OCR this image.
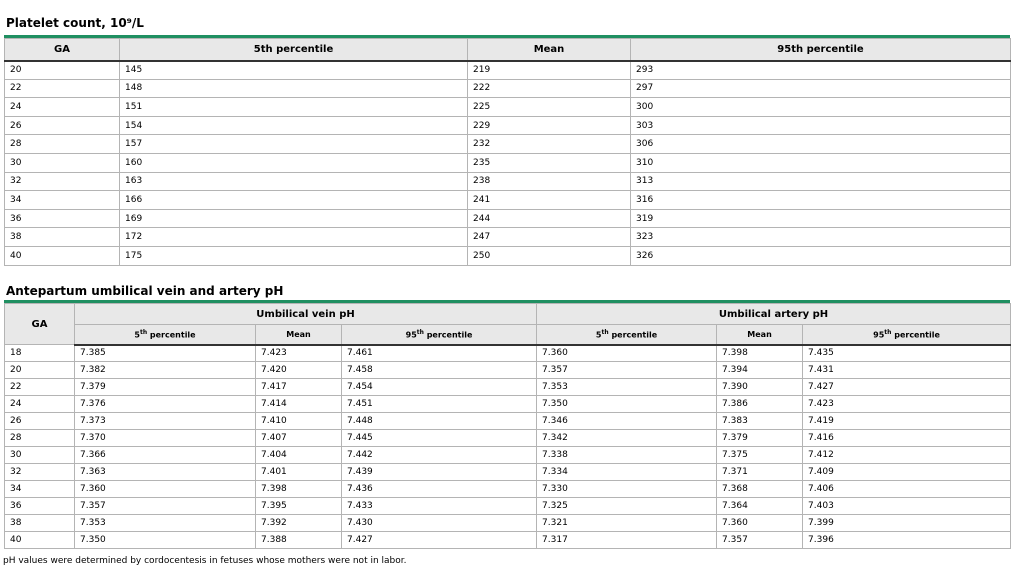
Platelet count, 10⁹/L
GA	5th percentile	Mean	95th percentile
20	145	219	293
22	148	222	297
24	151	225	300
26	154	229	303
28	157	232	306
30	160	235	310
32	163	238	313
34	166	241	316
36	169	244	319
38	172	247	323
40	175	250	326
Antepartum umbilical vein and artery pH
GA	Umbilical vein pH			Umbilical artery pH		
	5th percentile	Mean	95th percentile	5th percentile	Mean	95th percentile
18	7.385	7.423	7.461	7.360	7.398	7.435
20	7.382	7.420	7.458	7.357	7.394	7.431
22	7.379	7.417	7.454	7.353	7.390	7.427
24	7.376	7.414	7.451	7.350	7.386	7.423
26	7.373	7.410	7.448	7.346	7.383	7.419
28	7.370	7.407	7.445	7.342	7.379	7.416
30	7.366	7.404	7.442	7.338	7.375	7.412
32	7.363	7.401	7.439	7.334	7.371	7.409
34	7.360	7.398	7.436	7.330	7.368	7.406
36	7.357	7.395	7.433	7.325	7.364	7.403
38	7.353	7.392	7.430	7.321	7.360	7.399
40	7.350	7.388	7.427	7.317	7.357	7.396
pH values were determined by cordocentesis in fetuses whose mothers were not in labor.
